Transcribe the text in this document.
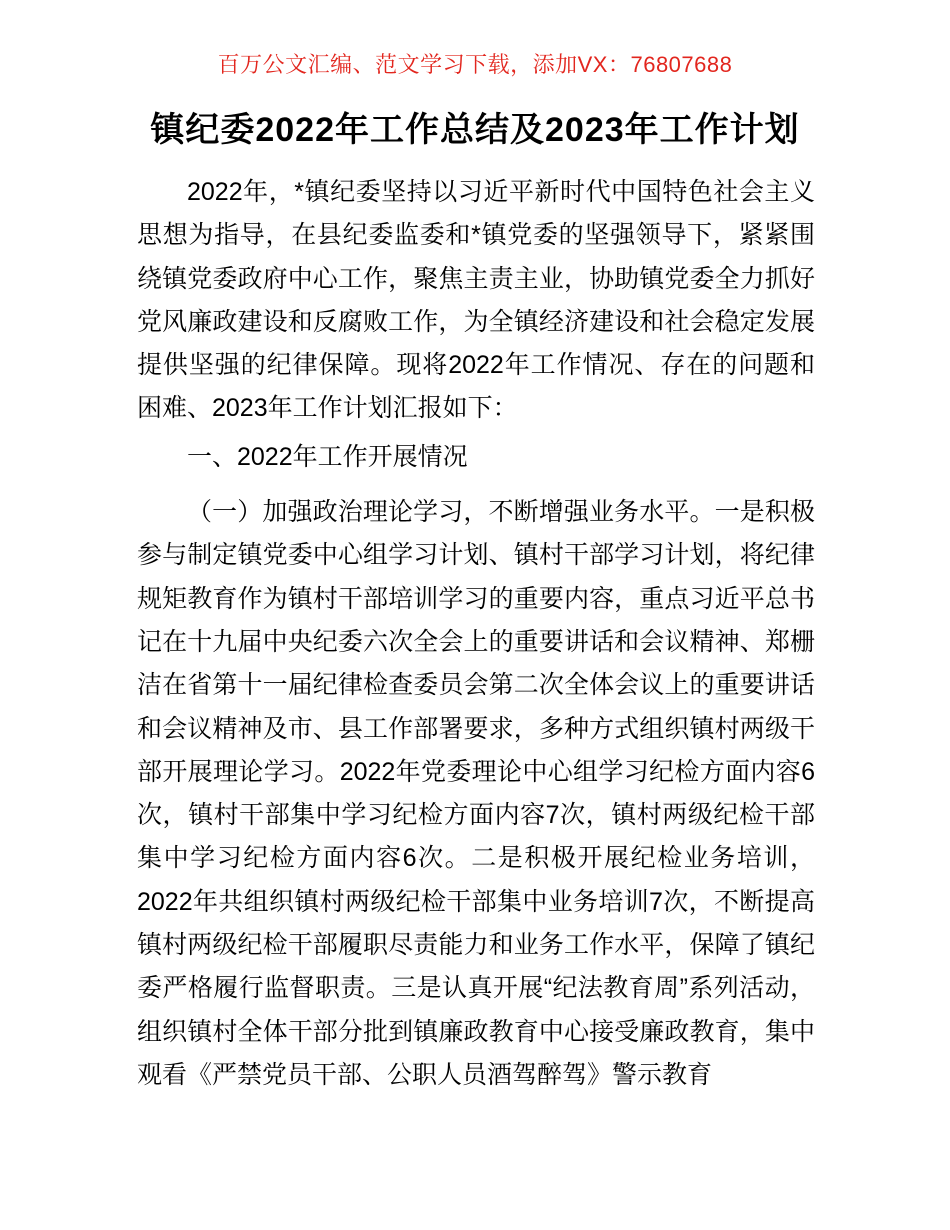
百万公文汇编、范文学习下载，添加VX：76807688
镇纪委2022年工作总结及2023年工作计划

2022年，*镇纪委坚持以习近平新时代中国特色社会主义思想为指导，在县纪委监委和*镇党委的坚强领导下，紧紧围绕镇党委政府中心工作，聚焦主责主业，协助镇党委全力抓好党风廉政建设和反腐败工作，为全镇经济建设和社会稳定发展提供坚强的纪律保障。现将2022年工作情况、存在的问题和困难、2023年工作计划汇报如下：

一、2022年工作开展情况

（一）加强政治理论学习，不断增强业务水平。一是积极参与制定镇党委中心组学习计划、镇村干部学习计划，将纪律规矩教育作为镇村干部培训学习的重要内容，重点习近平总书记在十九届中央纪委六次全会上的重要讲话和会议精神、郑栅洁在省第十一届纪律检查委员会第二次全体会议上的重要讲话和会议精神及市、县工作部署要求，多种方式组织镇村两级干部开展理论学习。2022年党委理论中心组学习纪检方面内容6次，镇村干部集中学习纪检方面内容7次，镇村两级纪检干部集中学习纪检方面内容6次。二是积极开展纪检业务培训，2022年共组织镇村两级纪检干部集中业务培训7次，不断提高镇村两级纪检干部履职尽责能力和业务工作水平，保障了镇纪委严格履行监督职责。三是认真开展“纪法教育周”系列活动，组织镇村全体干部分批到镇廉政教育中心接受廉政教育，集中观看《严禁党员干部、公职人员酒驾醉驾》警示教育
